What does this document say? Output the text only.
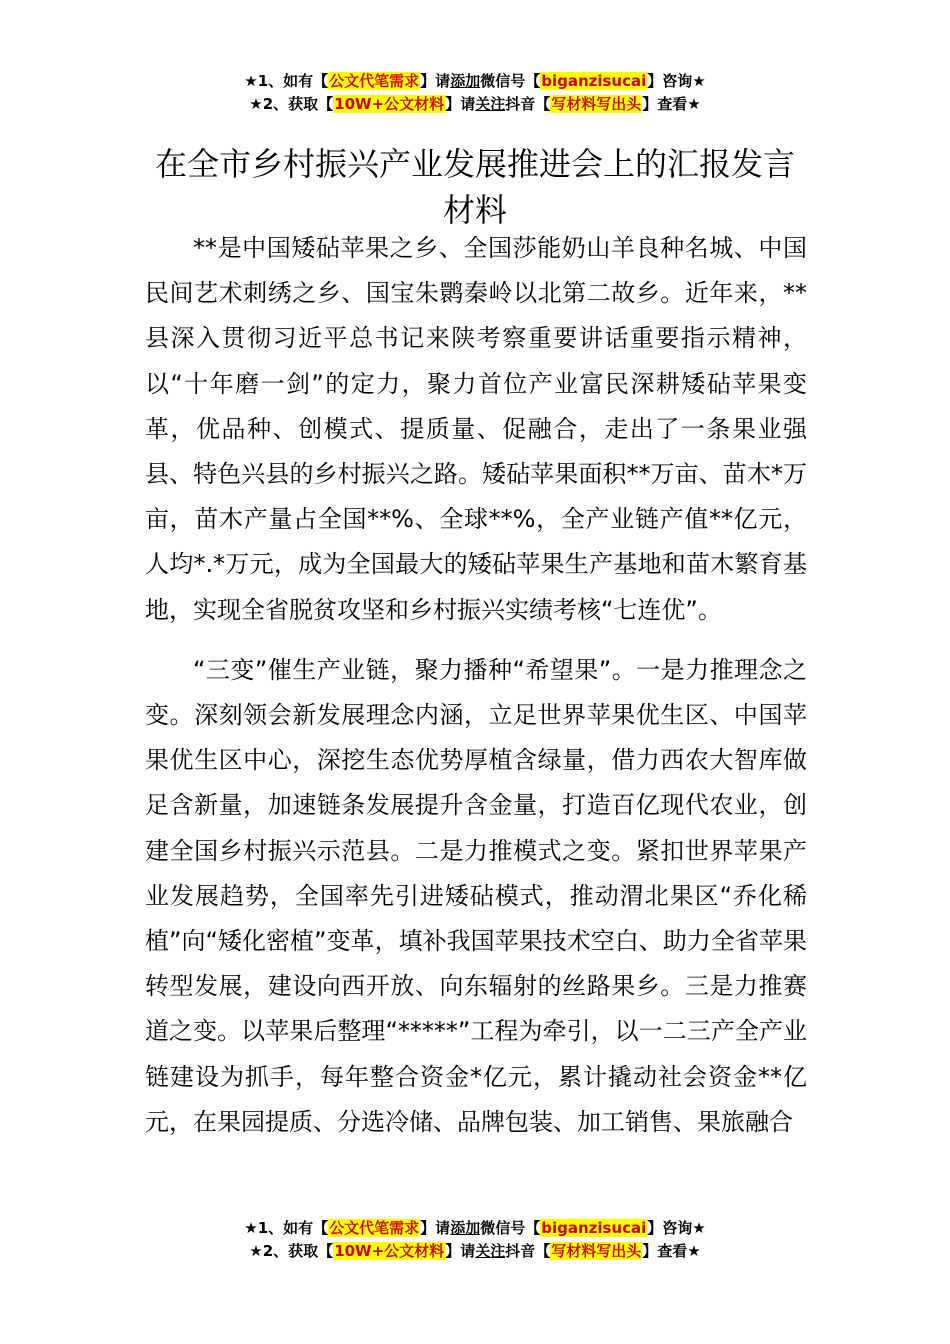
★1、如有【公文代笔需求】请添加微信号【biganzisucai】咨询★
★2、获取【10W+公文材料】请关注抖音【写材料写出头】查看★
在全市乡村振兴产业发展推进会上的汇报发言材料

**是中国矮砧苹果之乡、全国莎能奶山羊良种名城、中国民间艺术刺绣之乡、国宝朱鹮秦岭以北第二故乡。近年来，**县深入贯彻习近平总书记来陕考察重要讲话重要指示精神，以“十年磨一剑”的定力，聚力首位产业富民深耕矮砧苹果变革，优品种、创模式、提质量、促融合，走出了一条果业强县、特色兴县的乡村振兴之路。矮砧苹果面积**万亩、苗木*万亩，苗木产量占全国**%、全球**%，全产业链产值**亿元，人均*.*万元，成为全国最大的矮砧苹果生产基地和苗木繁育基地，实现全省脱贫攻坚和乡村振兴实绩考核“七连优”。

“三变”催生产业链，聚力播种“希望果”。一是力推理念之变。深刻领会新发展理念内涵，立足世界苹果优生区、中国苹果优生区中心，深挖生态优势厚植含绿量，借力西农大智库做足含新量，加速链条发展提升含金量，打造百亿现代农业，创建全国乡村振兴示范县。二是力推模式之变。紧扣世界苹果产业发展趋势，全国率先引进矮砧模式，推动渭北果区“乔化稀植”向“矮化密植”变革，填补我国苹果技术空白、助力全省苹果转型发展，建设向西开放、向东辐射的丝路果乡。三是力推赛道之变。以苹果后整理“*****”工程为牵引，以一二三产全产业链建设为抓手，每年整合资金*亿元，累计撬动社会资金**亿元，在果园提质、分选冷储、品牌包装、加工销售、果旅融合

★1、如有【公文代笔需求】请添加微信号【biganzisucai】咨询★
★2、获取【10W+公文材料】请关注抖音【写材料写出头】查看★
